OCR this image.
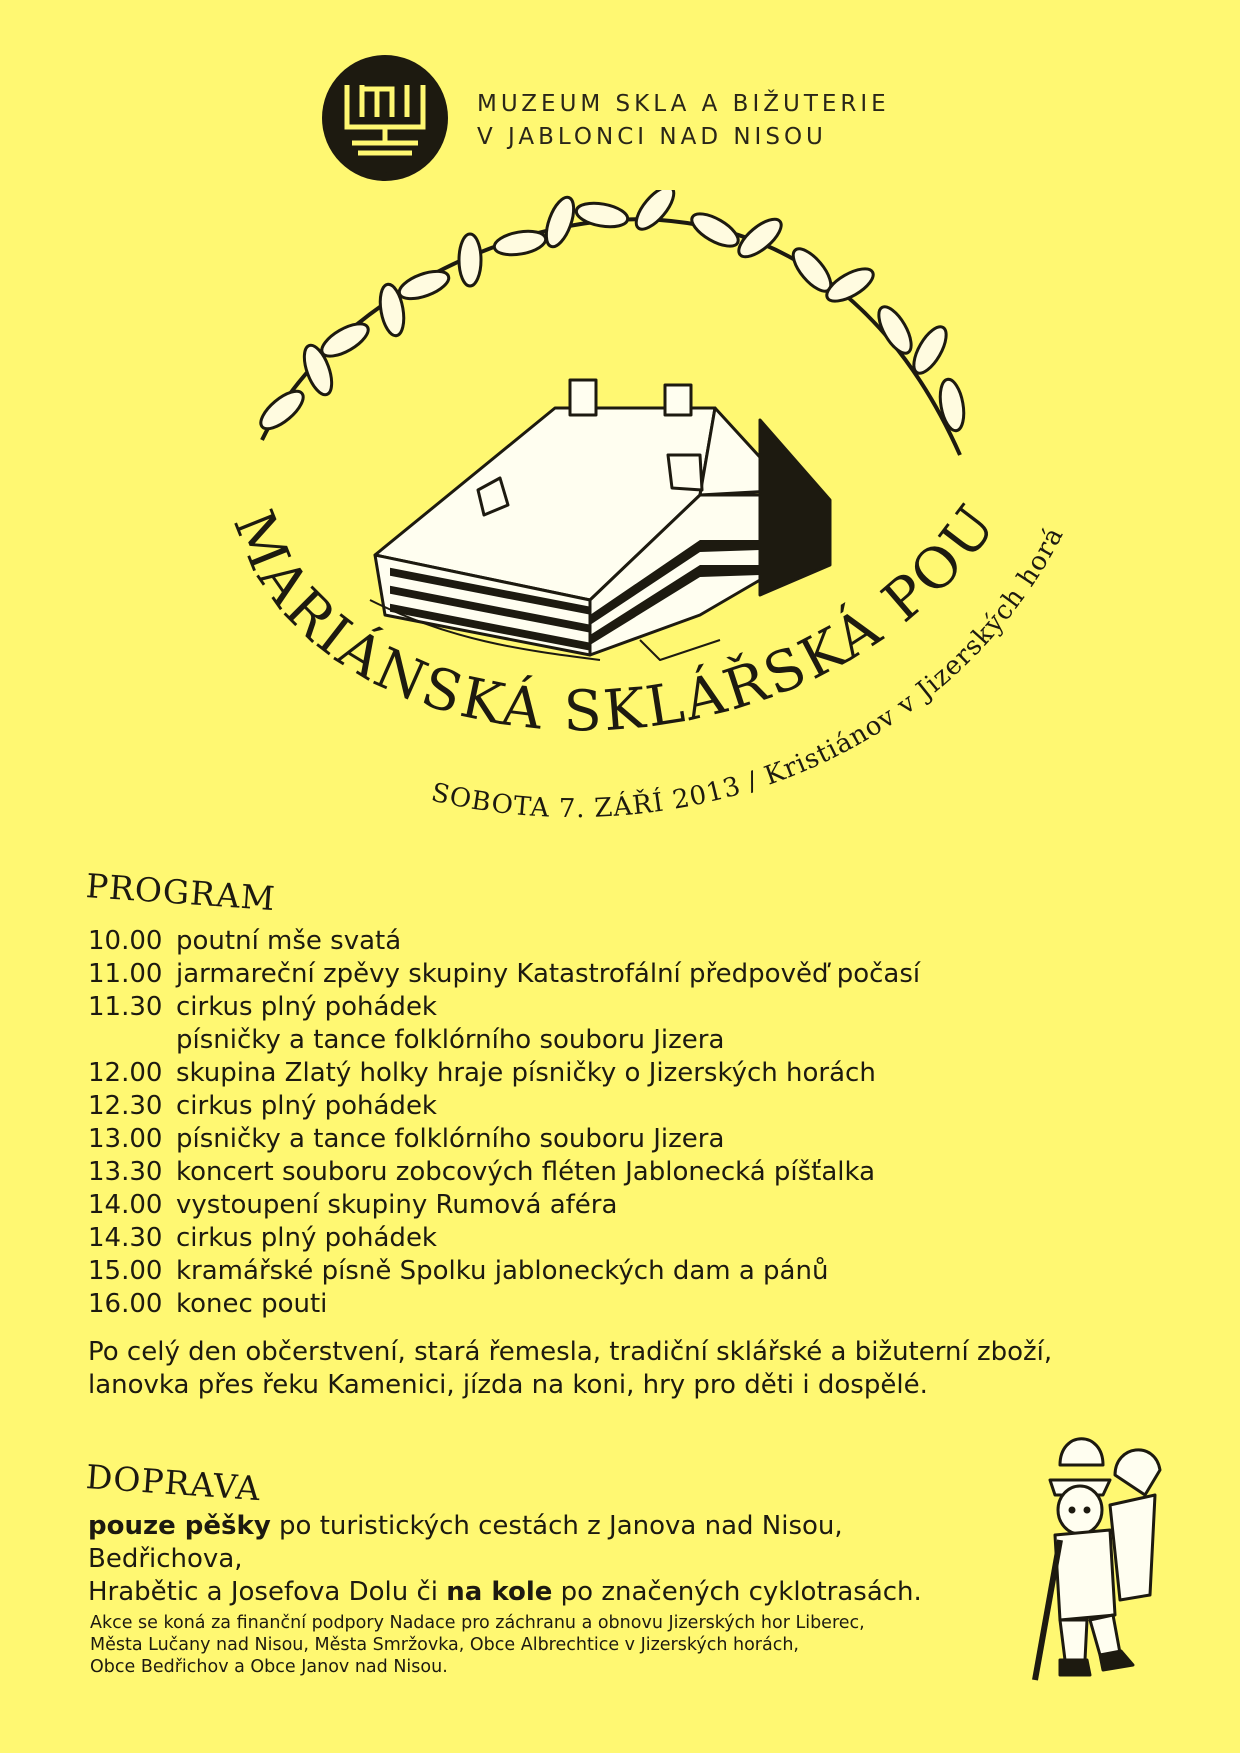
LMJ
MUZEUM SKLA A BIŽUTERIE
V JABLONCI NAD NISOU
MARIÁNSKÁ SKLÁŘSKÁ POU
SOBOTA 7. ZÁŘÍ 2013/ Kristiánov v Jizerských horá
PROGRAM
10.00 poutní mše svatá
11.00 jarmareční zpěvy skupiny Katastrofální předpověď počasí
11.30 cirkus plný pohádek
písničky a tance folklórního souboru Jizera
12.00 skupina Zlatý holky hraje písničky o Jizerských horách
12.30 cirkus plný pohádek
13.00 písničky a tance folklórního souboru Jizera
13.30 koncert souboru zobcových fléten Jablonecká píšťalka
14.00 vystoupení skupiny Rumová aféra
14.30 cirkus plný pohádek
15.00 kramářské písně Spolku jabloneckých dam a pánů
16.00 konec pouti
Po celý den občerstvení, stará řemesla, tradiční sklářské a bižuterní zboží,
lanovka přes řeku Kamenici, jízda na koni, hry pro děti i dospělé.
DOPRAVA
pouze pěšky po turistických cestách z Janova nad Nisou, Bedřichova,
Hrabětic a Josefova Dolu či na kole po značených cyklotrasách.
Akce se koná za finanční podpory Nadace pro záchranu a obnovu Jizerských hor Liberec,
Města Lučany nad Nisou, Města Smržovka, Obce Albrechtice v Jizerských horách,
Obce Bedřichov a Obce Janov nad Nisou.
